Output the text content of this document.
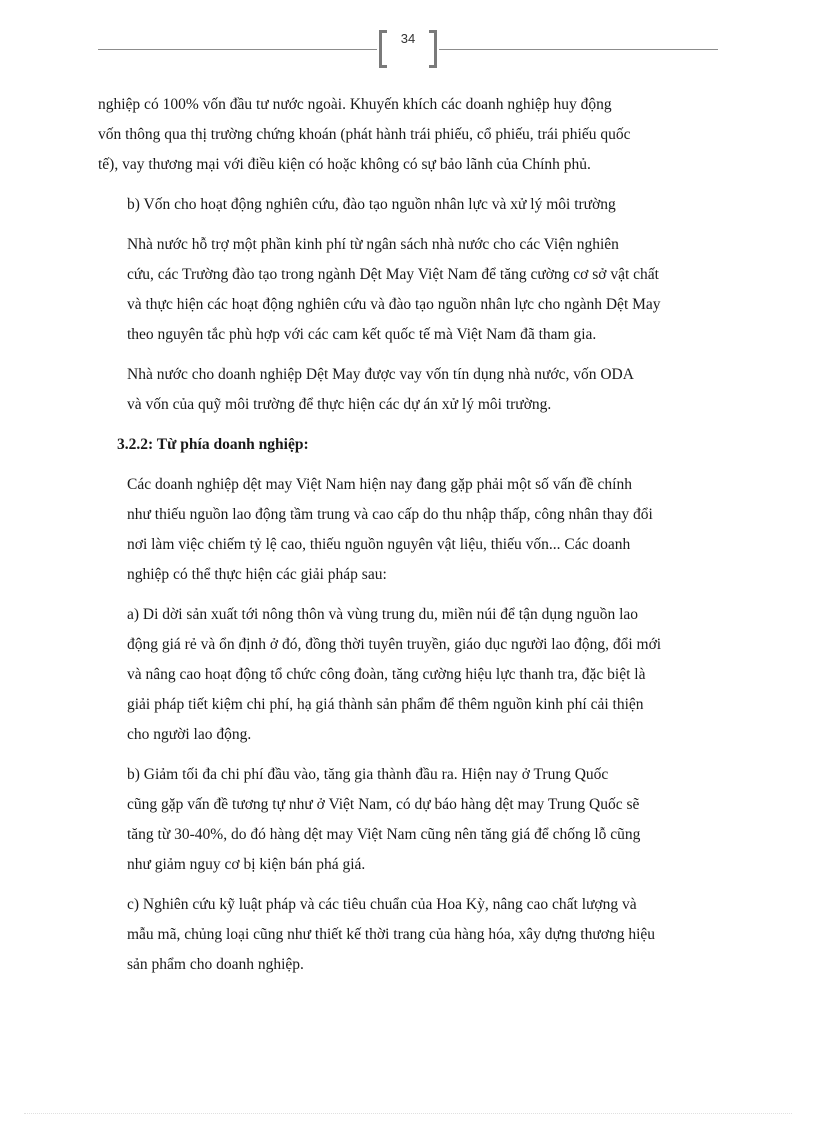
34

nghiệp có 100% vốn đầu tư nước ngoài. Khuyến khích các doanh nghiệp huy động
vốn thông qua thị trường chứng khoán (phát hành trái phiếu, cổ phiếu, trái phiếu quốc
tế), vay thương mại với điều kiện có hoặc không có sự bảo lãnh của Chính phủ.

b) Vốn cho hoạt động nghiên cứu, đào tạo nguồn nhân lực và xử lý môi trường

Nhà nước hỗ trợ một phần kinh phí từ ngân sách nhà nước cho các Viện nghiên
cứu, các Trường đào tạo trong ngành Dệt May Việt Nam để tăng cường cơ sở vật chất
và thực hiện các hoạt động nghiên cứu và đào tạo nguồn nhân lực cho ngành Dệt May
theo nguyên tắc phù hợp với các cam kết quốc tế mà Việt Nam đã tham gia.

Nhà nước cho doanh nghiệp Dệt May được vay vốn tín dụng nhà nước, vốn ODA
và vốn của quỹ môi trường để thực hiện các dự án xử lý môi trường.

3.2.2: Từ phía doanh nghiệp:

Các doanh nghiệp dệt may Việt Nam hiện nay đang gặp phải một số vấn đề chính
như thiếu nguồn lao động tầm trung và cao cấp do thu nhập thấp, công nhân thay đổi
nơi làm việc chiếm tỷ lệ cao, thiếu nguồn nguyên vật liệu, thiếu vốn... Các doanh
nghiệp có thể thực hiện các giải pháp sau:

a) Di dời sản xuất tới nông thôn và vùng trung du, miền núi để tận dụng nguồn lao
động giá rẻ và ổn định ở đó, đồng thời tuyên truyền, giáo dục người lao động, đổi mới
và nâng cao hoạt động tổ chức công đoàn, tăng cường hiệu lực thanh tra, đặc biệt là
giải pháp tiết kiệm chi phí, hạ giá thành sản phẩm để thêm nguồn kinh phí cải thiện
cho người lao động.

b) Giảm tối đa chi phí đầu vào, tăng gia thành đầu ra. Hiện nay ở Trung Quốc
cũng gặp vấn đề tương tự như ở Việt Nam, có dự báo hàng dệt may Trung Quốc sẽ
tăng từ 30-40%, do đó hàng dệt may Việt Nam cũng nên tăng giá để chống lỗ cũng
như giảm nguy cơ bị kiện bán phá giá.

c) Nghiên cứu kỹ luật pháp và các tiêu chuẩn của Hoa Kỳ, nâng cao chất lượng và
mẫu mã, chủng loại cũng như thiết kế thời trang của hàng hóa, xây dựng thương hiệu
sản phẩm cho doanh nghiệp.
